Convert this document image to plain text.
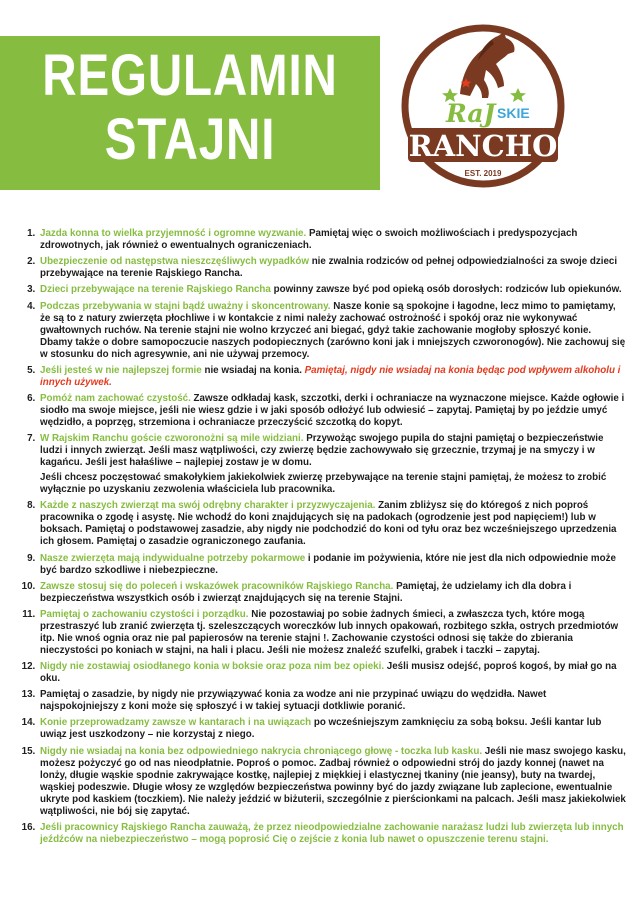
REGULAMIN
STAJNI	RaJ SKIE
RANCHO
EST. 2019
1. Jazda konna to wielka przyjemność i ogromne wyzwanie. Pamiętaj więc o swoich możliwościach i predyspozycjach zdrowotnych, jak również o ewentualnych ograniczeniach.
2. Ubezpieczenie od następstwa nieszczęśliwych wypadków nie zwalnia rodziców od pełnej odpowiedzialności za swoje dzieci przebywające na terenie Rajskiego Rancha.
3. Dzieci przebywające na terenie Rajskiego Rancha powinny zawsze być pod opieką osób dorosłych: rodziców lub opiekunów.
4. Podczas przebywania w stajni bądź uważny i skoncentrowany. Nasze konie są spokojne i łagodne, lecz mimo to pamiętamy, że są to z natury zwierzęta płochliwe i w kontakcie z nimi należy zachować ostrożność i spokój oraz nie wykonywać gwałtownych ruchów. Na terenie stajni nie wolno krzyczeć ani biegać, gdyż takie zachowanie mogłoby spłoszyć konie. Dbamy także o dobre samopoczucie naszych podopiecznych (zarówno koni jak i mniejszych czworonogów). Nie zachowuj się w stosunku do nich agresywnie, ani nie używaj przemocy.
5. Jeśli jesteś w nie najlepszej formie nie wsiadaj na konia. Pamiętaj, nigdy nie wsiadaj na konia będąc pod wpływem alkoholu i innych używek.
6. Pomóż nam zachować czystość. Zawsze odkładaj kask, szczotki, derki i ochraniacze na wyznaczone miejsce. Każde ogłowie i siodło ma swoje miejsce, jeśli nie wiesz gdzie i w jaki sposób odłożyć lub odwiesić – zapytaj. Pamiętaj by po jeździe umyć wędzidło, a poprzęg, strzemiona i ochraniacze przeczyścić szczotką do kopyt.
7. W Rajskim Ranchu goście czworonożni są mile widziani. Przywożąc swojego pupila do stajni pamiętaj o bezpieczeństwie ludzi i innych zwierząt. Jeśli masz wątpliwości, czy zwierzę będzie zachowywało się grzecznie, trzymaj je na smyczy i w kagańcu. Jeśli jest hałaśliwe – najlepiej zostaw je w domu.
Jeśli chcesz poczęstować smakołykiem jakiekolwiek zwierzę przebywające na terenie stajni pamiętaj, że możesz to zrobić wyłącznie po uzyskaniu zezwolenia właściciela lub pracownika.
8. Każde z naszych zwierząt ma swój odrębny charakter i przyzwyczajenia. Zanim zbliżysz się do któregoś z nich poproś pracownika o zgodę i asystę. Nie wchodź do koni znajdujących się na padokach (ogrodzenie jest pod napięciem!) lub w boksach. Pamiętaj o podstawowej zasadzie, aby nigdy nie podchodzić do koni od tyłu oraz bez wcześniejszego uprzedzenia ich głosem. Pamiętaj o zasadzie ograniczonego zaufania.
9. Nasze zwierzęta mają indywidualne potrzeby pokarmowe i podanie im pożywienia, które nie jest dla nich odpowiednie może być bardzo szkodliwe i niebezpieczne.
10. Zawsze stosuj się do poleceń i wskazówek pracowników Rajskiego Rancha. Pamiętaj, że udzielamy ich dla dobra i bezpieczeństwa wszystkich osób i zwierząt znajdujących się na terenie Stajni.
11. Pamiętaj o zachowaniu czystości i porządku. Nie pozostawiaj po sobie żadnych śmieci, a zwłaszcza tych, które mogą przestraszyć lub zranić zwierzęta tj. szeleszczących woreczków lub innych opakowań, rozbitego szkła, ostrych przedmiotów itp. Nie wnoś ognia oraz nie pal papierosów na terenie stajni !. Zachowanie czystości odnosi się także do zbierania nieczystości po koniach w stajni, na hali i placu. Jeśli nie możesz znaleźć szufelki, grabek i taczki – zapytaj.
12. Nigdy nie zostawiaj osiodłanego konia w boksie oraz poza nim bez opieki. Jeśli musisz odejść, poproś kogoś, by miał go na oku.
13. Pamiętaj o zasadzie, by nigdy nie przywiązywać konia za wodze ani nie przypinać uwiązu do wędzidła. Nawet najspokojniejszy z koni może się spłoszyć i w takiej sytuacji dotkliwie poranić.
14. Konie przeprowadzamy zawsze w kantarach i na uwiązach po wcześniejszym zamknięciu za sobą boksu. Jeśli kantar lub uwiąz jest uszkodzony – nie korzystaj z niego.
15. Nigdy nie wsiadaj na konia bez odpowiedniego nakrycia chroniącego głowę - toczka lub kasku. Jeśli nie masz swojego kasku, możesz pożyczyć go od nas nieodpłatnie. Poproś o pomoc. Zadbaj również o odpowiedni strój do jazdy konnej (nawet na lonży, długie wąskie spodnie zakrywające kostkę, najlepiej z miękkiej i elastycznej tkaniny (nie jeansy), buty na twardej, wąskiej podeszwie. Długie włosy ze względów bezpieczeństwa powinny być do jazdy związane lub zaplecione, ewentualnie ukryte pod kaskiem (toczkiem). Nie należy jeździć w biżuterii, szczególnie z pierścionkami na palcach. Jeśli masz jakiekolwiek wątpliwości, nie bój się zapytać.
16. Jeśli pracownicy Rajskiego Rancha zauważą, że przez nieodpowiedzialne zachowanie narażasz ludzi lub zwierzęta lub innych jeźdźców na niebezpieczeństwo – mogą poprosić Cię o zejście z konia lub nawet o opuszczenie terenu stajni.
